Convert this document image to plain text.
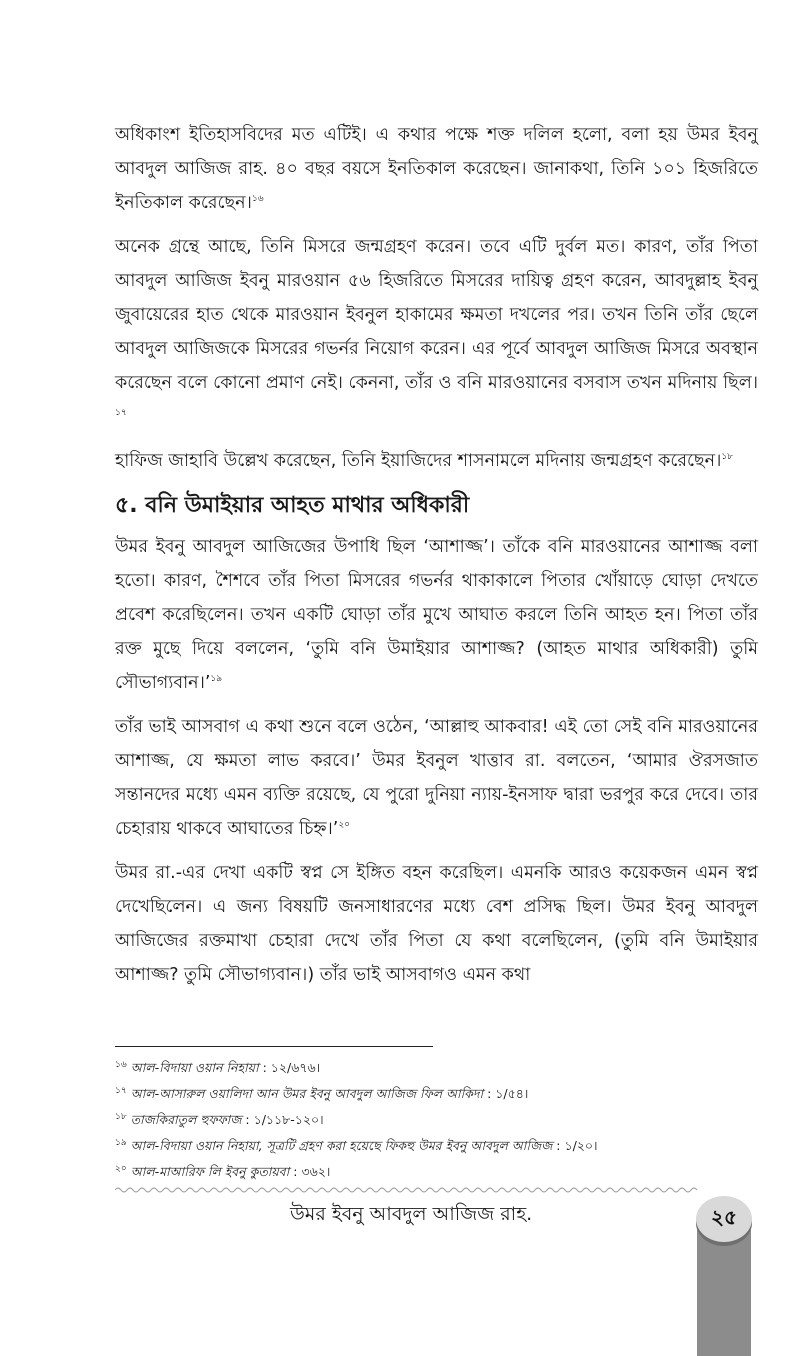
অধিকাংশ ইতিহাসবিদের মত এটিই। এ কথার পক্ষে শক্ত দলিল হলো, বলা হয় উমর ইবনু আবদুল আজিজ রাহ. ৪০ বছর বয়সে ইনতিকাল করেছেন। জানাকথা, তিনি ১০১ হিজরিতে ইনতিকাল করেছেন।$^{১৬}$

অনেক গ্রন্থে আছে, তিনি মিসরে জন্মগ্রহণ করেন। তবে এটি দুর্বল মত। কারণ, তাঁর পিতা আবদুল আজিজ ইবনু মারওয়ান ৫৬ হিজরিতে মিসরের দায়িত্ব গ্রহণ করেন, আবদুল্লাহ ইবনু জুবায়েরের হাত থেকে মারওয়ান ইবনুল হাকামের ক্ষমতা দখলের পর। তখন তিনি তাঁর ছেলে আবদুল আজিজকে মিসরের গভর্নর নিয়োগ করেন। এর পূর্বে আবদুল আজিজ মিসরে অবস্থান করেছেন বলে কোনো প্রমাণ নেই। কেননা, তাঁর ও বনি মারওয়ানের বসবাস তখন মদিনায় ছিল।$^{১৭}$

হাফিজ জাহাবি উল্লেখ করেছেন, তিনি ইয়াজিদের শাসনামলে মদিনায় জন্মগ্রহণ করেছেন।$^{১৮}$

৫. বনি উমাইয়ার আহত মাথার অধিকারী

উমর ইবনু আবদুল আজিজের উপাধি ছিল ‘আশাজ্জ’। তাঁকে বনি মারওয়ানের আশাজ্জ বলা হতো। কারণ, শৈশবে তাঁর পিতা মিসরের গভর্নর থাকাকালে পিতার খোঁয়াড়ে ঘোড়া দেখতে প্রবেশ করেছিলেন। তখন একটি ঘোড়া তাঁর মুখে আঘাত করলে তিনি আহত হন। পিতা তাঁর রক্ত মুছে দিয়ে বললেন, ‘তুমি বনি উমাইয়ার আশাজ্জ? (আহত মাথার অধিকারী) তুমি সৌভাগ্যবান।’$^{১৯}$

তাঁর ভাই আসবাগ এ কথা শুনে বলে ওঠেন, ‘আল্লাহু আকবার! এই তো সেই বনি মারওয়ানের আশাজ্জ, যে ক্ষমতা লাভ করবে।’ উমর ইবনুল খাত্তাব রা. বলতেন, ‘আমার ঔরসজাত সন্তানদের মধ্যে এমন ব্যক্তি রয়েছে, যে পুরো দুনিয়া ন্যায়-ইনসাফ দ্বারা ভরপুর করে দেবে। তার চেহারায় থাকবে আঘাতের চিহ্ন।’$^{২০}$

উমর রা.-এর দেখা একটি স্বপ্ন সে ইঙ্গিত বহন করেছিল। এমনকি আরও কয়েকজন এমন স্বপ্ন দেখেছিলেন। এ জন্য বিষয়টি জনসাধারণের মধ্যে বেশ প্রসিদ্ধ ছিল। উমর ইবনু আবদুল আজিজের রক্তমাখা চেহারা দেখে তাঁর পিতা যে কথা বলেছিলেন, (তুমি বনি উমাইয়ার আশাজ্জ? তুমি সৌভাগ্যবান।) তাঁর ভাই আসবাগও এমন কথা

$^{১৬}$ আল-বিদায়া ওয়ান নিহায়া : ১২/৬৭৬।
$^{১৭}$ আল-আসারুল ওয়ালিদা আন উমর ইবনু আবদুল আজিজ ফিল আকিদা : ১/৫৪।
$^{১৮}$ তাজকিরাতুল হুফফাজ : ১/১১৮-১২০।
$^{১৯}$ আল-বিদায়া ওয়ান নিহায়া, সূত্রটি গ্রহণ করা হয়েছে ফিকহু উমর ইবনু আবদুল আজিজ : ১/২০।
$^{২০}$ আল-মাআরিফ লি ইবনু কুতায়বা : ৩৬২।
উমর ইবনু আবদুল আজিজ রাহ.	২৫
